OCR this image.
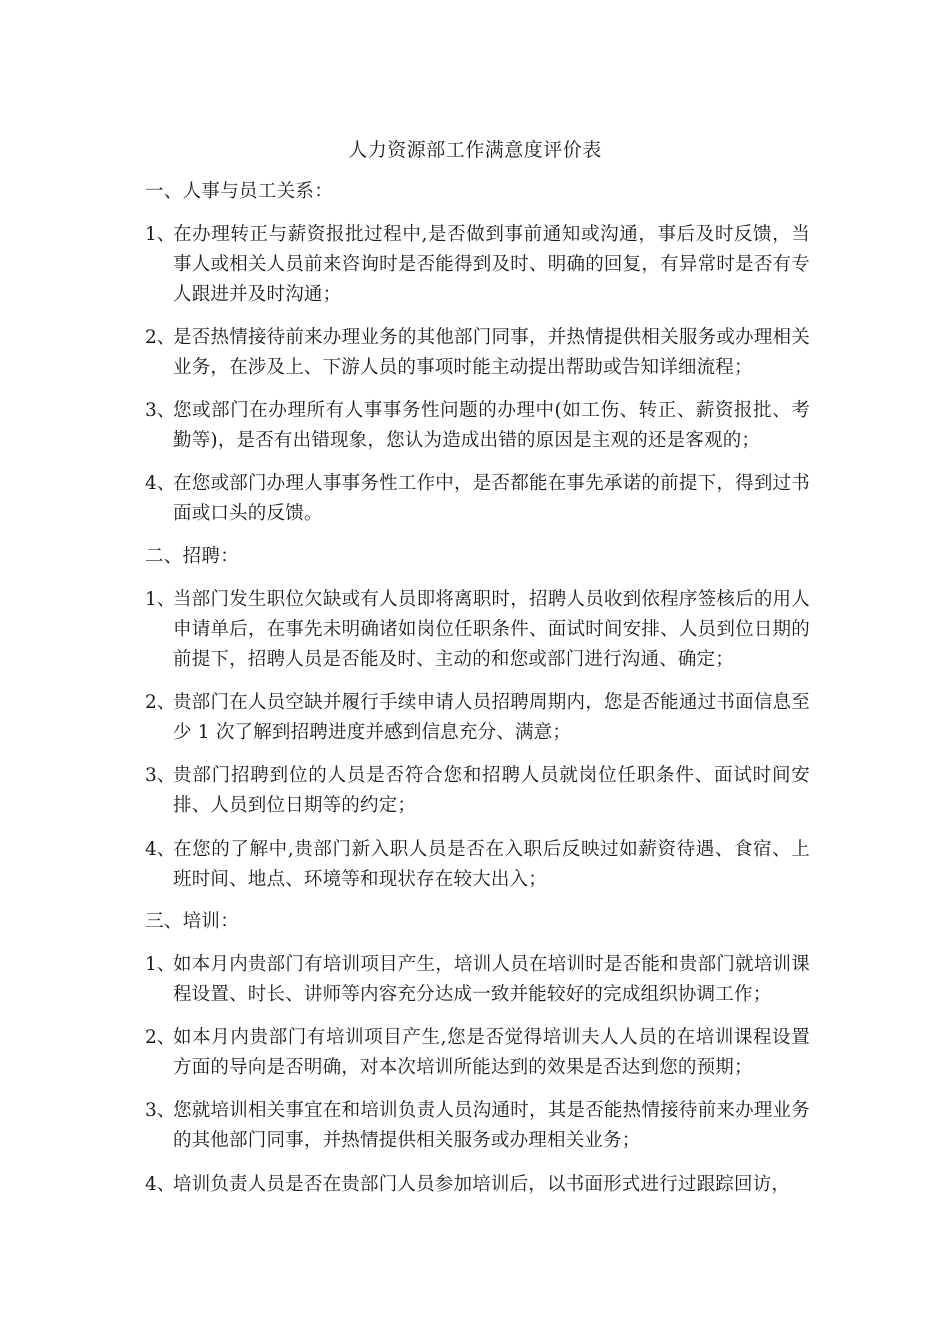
人力资源部工作满意度评价表
一、人事与员工关系：
1、
在办理转正与薪资报批过程中,是否做到事前通知或沟通，事后及时反馈，当事人或相关人员前来咨询时是否能得到及时、明确的回复，有异常时是否有专人跟进并及时沟通；
2、
是否热情接待前来办理业务的其他部门同事，并热情提供相关服务或办理相关业务，在涉及上、下游人员的事项时能主动提出帮助或告知详细流程；
3、
您或部门在办理所有人事事务性问题的办理中(如工伤、转正、薪资报批、考勤等)，是否有出错现象，您认为造成出错的原因是主观的还是客观的；
4、
在您或部门办理人事事务性工作中，是否都能在事先承诺的前提下，得到过书面或口头的反馈。
二、招聘：
1、
当部门发生职位欠缺或有人员即将离职时，招聘人员收到依程序签核后的用人申请单后，在事先未明确诸如岗位任职条件、面试时间安排、人员到位日期的前提下，招聘人员是否能及时、主动的和您或部门进行沟通、确定；
2、
贵部门在人员空缺并履行手续申请人员招聘周期内，您是否能通过书面信息至少 1 次了解到招聘进度并感到信息充分、满意；
3、
贵部门招聘到位的人员是否符合您和招聘人员就岗位任职条件、面试时间安排、人员到位日期等的约定；
4、
在您的了解中,贵部门新入职人员是否在入职后反映过如薪资待遇、食宿、上班时间、地点、环境等和现状存在较大出入；
三、培训：
1、
如本月内贵部门有培训项目产生，培训人员在培训时是否能和贵部门就培训课程设置、时长、讲师等内容充分达成一致并能较好的完成组织协调工作；
2、
如本月内贵部门有培训项目产生,您是否觉得培训夫人人员的在培训课程设置方面的导向是否明确，对本次培训所能达到的效果是否达到您的预期；
3、
您就培训相关事宜在和培训负责人员沟通时，其是否能热情接待前来办理业务的其他部门同事，并热情提供相关服务或办理相关业务；
4、
培训负责人员是否在贵部门人员参加培训后，以书面形式进行过跟踪回访，
